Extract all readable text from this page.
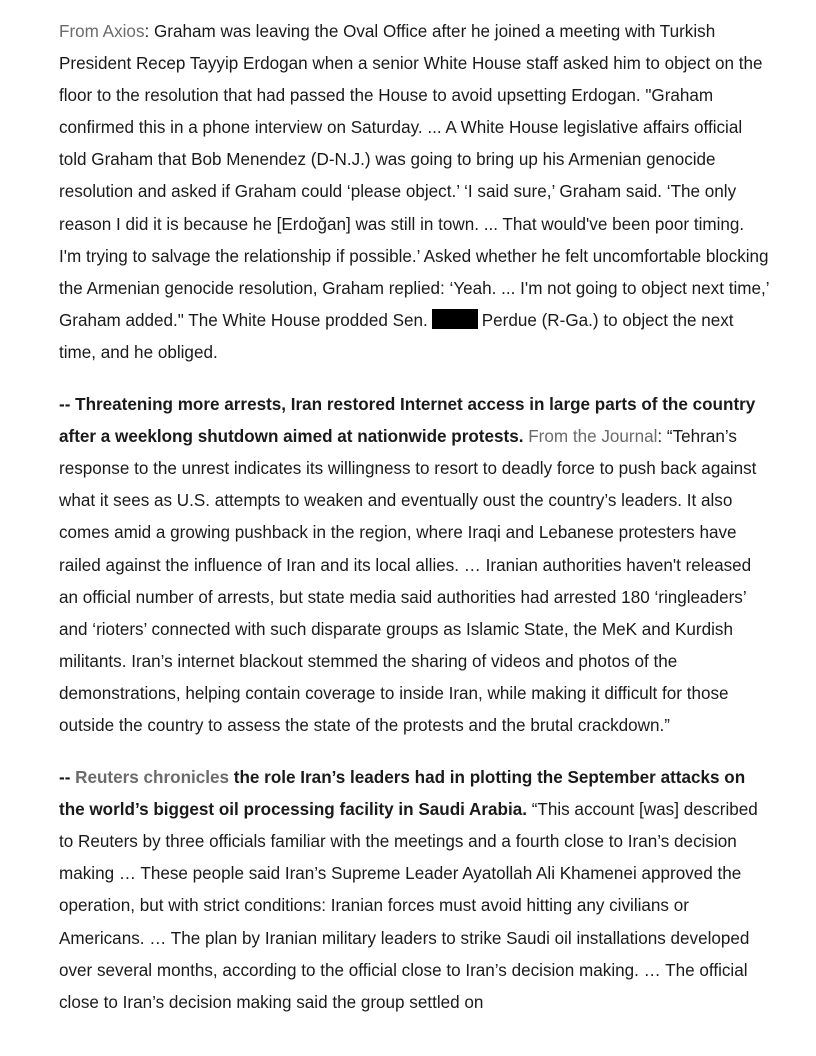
From Axios: Graham was leaving the Oval Office after he joined a meeting with Turkish President Recep Tayyip Erdogan when a senior White House staff asked him to object on the floor to the resolution that had passed the House to avoid upsetting Erdogan. "Graham confirmed this in a phone interview on Saturday. ... A White House legislative affairs official told Graham that Bob Menendez (D-N.J.) was going to bring up his Armenian genocide resolution and asked if Graham could ‘please object.’ ‘I said sure,’ Graham said. ‘The only reason I did it is because he [Erdoğan] was still in town. ... That would've been poor timing. I'm trying to salvage the relationship if possible.’ Asked whether he felt uncomfortable blocking the Armenian genocide resolution, Graham replied: ‘Yeah. ... I'm not going to object next time,’ Graham added." The White House prodded Sen.	Perdue (R-Ga.) to object the next time, and he obliged.

-- Threatening more arrests, Iran restored Internet access in large parts of the country after a weeklong shutdown aimed at nationwide protests. From the Journal: “Tehran’s response to the unrest indicates its willingness to resort to deadly force to push back against what it sees as U.S. attempts to weaken and eventually oust the country’s leaders. It also comes amid a growing pushback in the region, where Iraqi and Lebanese protesters have railed against the influence of Iran and its local allies. … Iranian authorities haven't released an official number of arrests, but state media said authorities had arrested 180 ‘ringleaders’ and ‘rioters’ connected with such disparate groups as Islamic State, the MeK and Kurdish militants. Iran’s internet blackout stemmed the sharing of videos and photos of the demonstrations, helping contain coverage to inside Iran, while making it difficult for those outside the country to assess the state of the protests and the brutal crackdown.”

-- Reuters chronicles the role Iran’s leaders had in plotting the September attacks on the world’s biggest oil processing facility in Saudi Arabia. “This account [was] described to Reuters by three officials familiar with the meetings and a fourth close to Iran’s decision making … These people said Iran’s Supreme Leader Ayatollah Ali Khamenei approved the operation, but with strict conditions: Iranian forces must avoid hitting any civilians or Americans. … The plan by Iranian military leaders to strike Saudi oil installations developed over several months, according to the official close to Iran’s decision making. … The official close to Iran’s decision making said the group settled on
